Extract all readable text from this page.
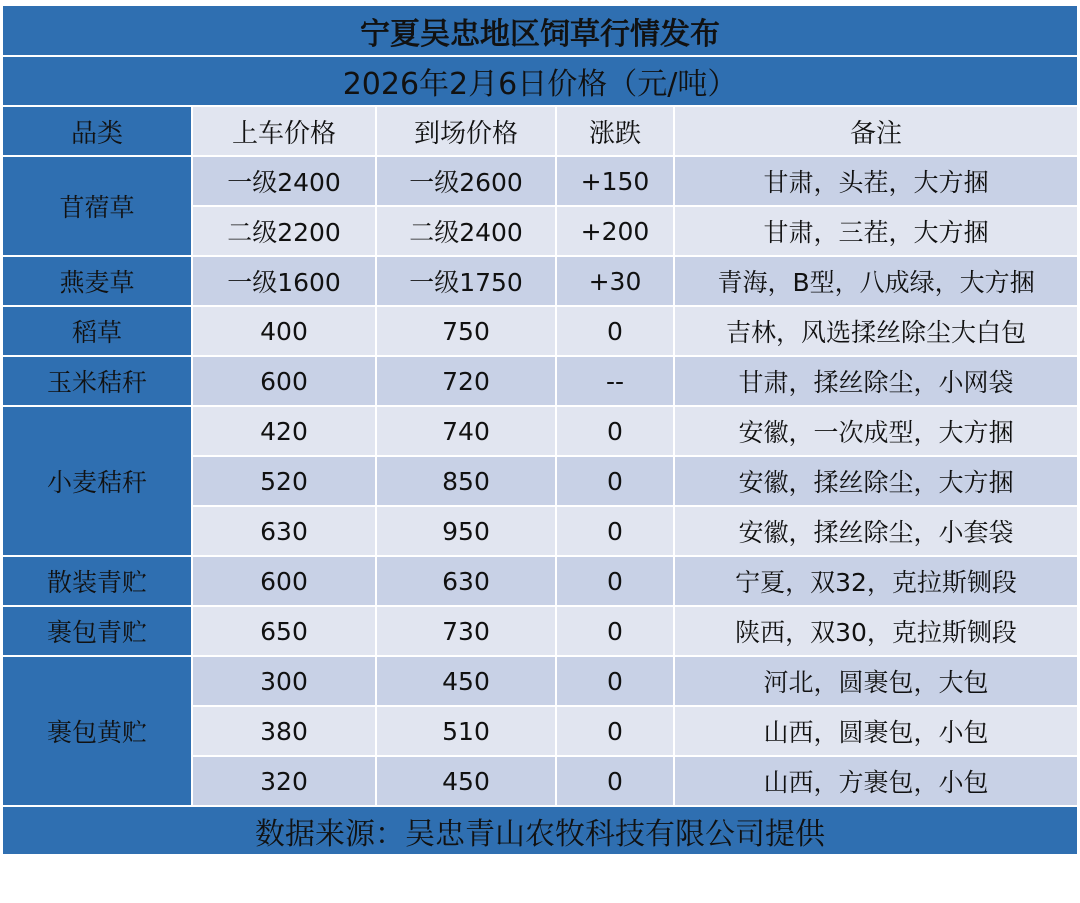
宁夏吴忠地区饲草行情发布				
2026年2月6日价格（元/吨）				
品类	上车价格	到场价格	涨跌	备注
苜蓿草	一级2400	一级2600	+150	甘肃，头茬，大方捆
	二级2200	二级2400	+200	甘肃，三茬，大方捆
燕麦草	一级1600	一级1750	+30	青海，B型，八成绿，大方捆
稻草	400	750	0	吉林，风选揉丝除尘大白包
玉米秸秆	600	720	--	甘肃，揉丝除尘，小网袋
小麦秸秆	420	740	0	安徽，一次成型，大方捆
	520	850	0	安徽，揉丝除尘，大方捆
	630	950	0	安徽，揉丝除尘，小套袋
散装青贮	600	630	0	宁夏，双32，克拉斯铡段
裹包青贮	650	730	0	陕西，双30，克拉斯铡段
裹包黄贮	300	450	0	河北，圆裹包，大包
	380	510	0	山西，圆裹包，小包
	320	450	0	山西，方裹包，小包
数据来源：吴忠青山农牧科技有限公司提供				
